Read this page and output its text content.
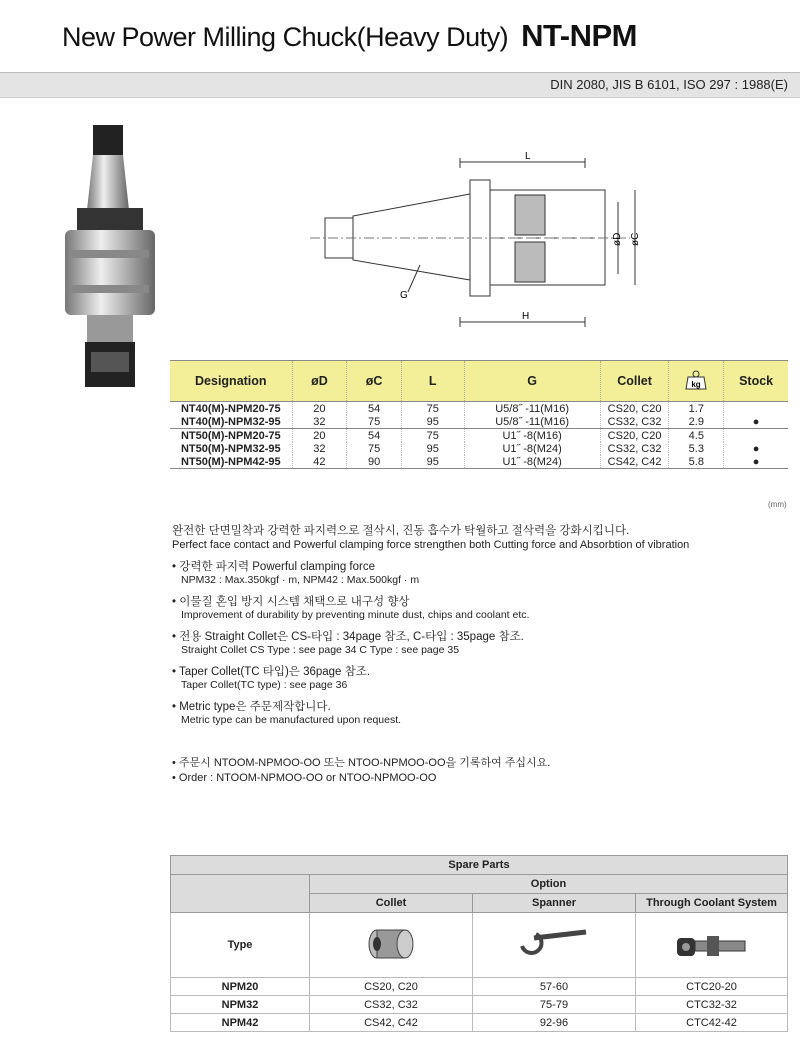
New Power Milling Chuck(Heavy Duty) NT-NPM
DIN 2080, JIS B 6101, ISO 297 : 1988(E)
L
H
G
øD øC
Designation	øD	øC	L	G	Collet	kg	Stock
NT40(M)-NPM20-75	20	54	75	U5/8˝ -11(M16)	CS20, C20	1.7	
NT40(M)-NPM32-95	32	75	95	U5/8˝ -11(M16)	CS32, C32	2.9	●
NT50(M)-NPM20-75	20	54	75	U1˝ -8(M16)	CS20, C20	4.5	
NT50(M)-NPM32-95	32	75	95	U1˝ -8(M24)	CS32, C32	5.3	●
NT50(M)-NPM42-95	42	90	95	U1˝ -8(M24)	CS42, C42	5.8	●
(mm)
완전한 단면밀착과 강력한 파지력으로 절삭시, 진동 흡수가 탁월하고 절삭력을 강화시킵니다.
Perfect face contact and Powerful clamping force strengthen both Cutting force and Absorbtion of vibration
• 강력한 파지력 Powerful clamping force
NPM32 : Max.350kgf · m, NPM42 : Max.500kgf · m
• 이물질 혼입 방지 시스템 채택으로 내구성 향상
Improvement of durability by preventing minute dust, chips and coolant etc.
• 전용 Straight Collet은 CS-타입 : 34page 참조, C-타입 : 35page 참조.
Straight Collet CS Type : see page 34 C Type : see page 35
• Taper Collet(TC 타입)은 36page 참조.
Taper Collet(TC type) : see page 36
• Metric type은 주문제작합니다.
Metric type can be manufactured upon request.
• 주문시 NTOOM-NPMOO-OO 또는 NTOO-NPMOO-OO을 기록하여 주십시요.
• Order : NTOOM-NPMOO-OO or NTOO-NPMOO-OO
Spare Parts			
	Option		
	Collet	Spanner	Through Coolant System
Type			
NPM20	CS20, C20	57-60	CTC20-20
NPM32	CS32, C32	75-79	CTC32-32
NPM42	CS42, C42	92-96	CTC42-42
